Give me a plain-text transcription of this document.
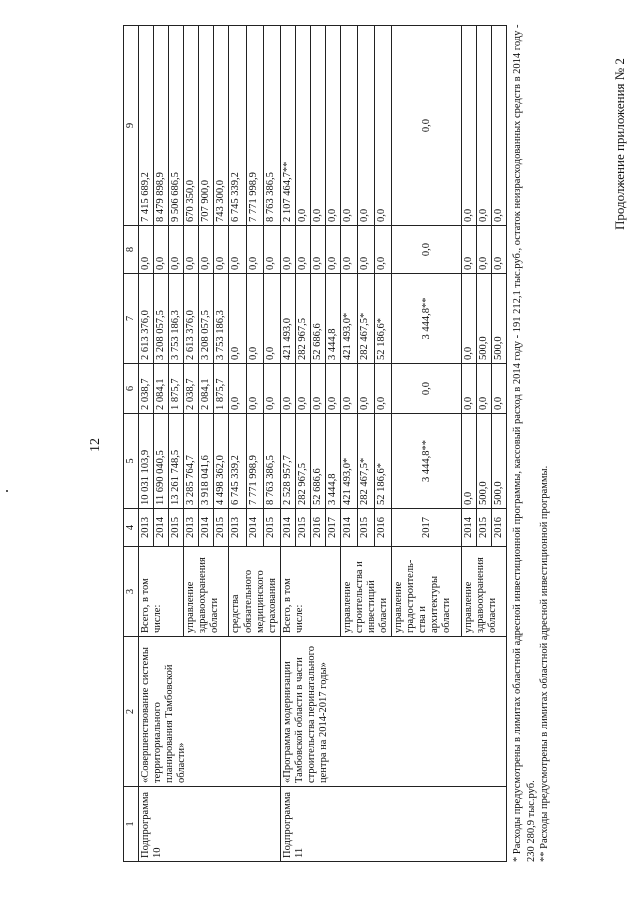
12
Продолжение приложения № 2
1	2	3	4	5	6	7	8	9
Подпрограмма 10	«Совершенствование системы территориального планирования Тамбовской области»	Всего, в том числе:	2013	10 031 103,9	2 038,7	2 613 376,0	0,0	7 415 689,2
			2014	11 690 040,5	2 084,1	3 208 057,5	0,0	8 479 898,9
			2015	13 261 748,5	1 875,7	3 753 186,3	0,0	9 506 686,5
		управление здравоохранения области	2013	3 285 764,7	2 038,7	2 613 376,0	0,0	670 350,0
			2014	3 918 041,6	2 084,1	3 208 057,5	0,0	707 900,0
			2015	4 498 362,0	1 875,7	3 753 186,3	0,0	743 300,0
		средства обязательного медицинского страхования	2013	6 745 339,2	0,0	0,0	0,0	6 745 339,2
			2014	7 771 998,9	0,0	0,0	0,0	7 771 998,9
			2015	8 763 386,5	0,0	0,0	0,0	8 763 386,5
Подпрограмма 11	«Программа модернизации Тамбовской области в части строительства перинатального центра на 2014-2017 годы»	Всего, в том числе:	2014	2 528 957,7	0,0	421 493,0	0,0	2 107 464,7**
			2015	282 967,5	0,0	282 967,5	0,0	0,0
			2016	52 686,6	0,0	52 686,6	0,0	0,0
			2017	3 444,8	0,0	3 444,8	0,0	0,0
		управление строительства и инвестиций области	2014	421 493,0*	0,0	421 493,0*	0,0	0,0
			2015	282 467,5*	0,0	282 467,5*	0,0	0,0
			2016	52 186,6*	0,0	52 186,6*	0,0	0,0
		управление градостроитель-ства и архитектуры области	2017	3 444,8**	0,0	3 444,8**	0,0	0,0
		управление здравоохранения области	2014	0,0	0,0	0,0	0,0	0,0
			2015	500,0	0,0	500,0	0,0	0,0
			2016	500,0	0,0	500,0	0,0	0,0 * Расходы предусмотрены в лимитах областной адресной инвестиционной программы, кассовый расход в 2014 году - 191 212,1 тыс.руб., остаток неизрасходованных средств в 2014 году - 230 280,9 тыс.руб. ** Расходы предусмотрены в лимитах областной адресной инвестиционной программы.
